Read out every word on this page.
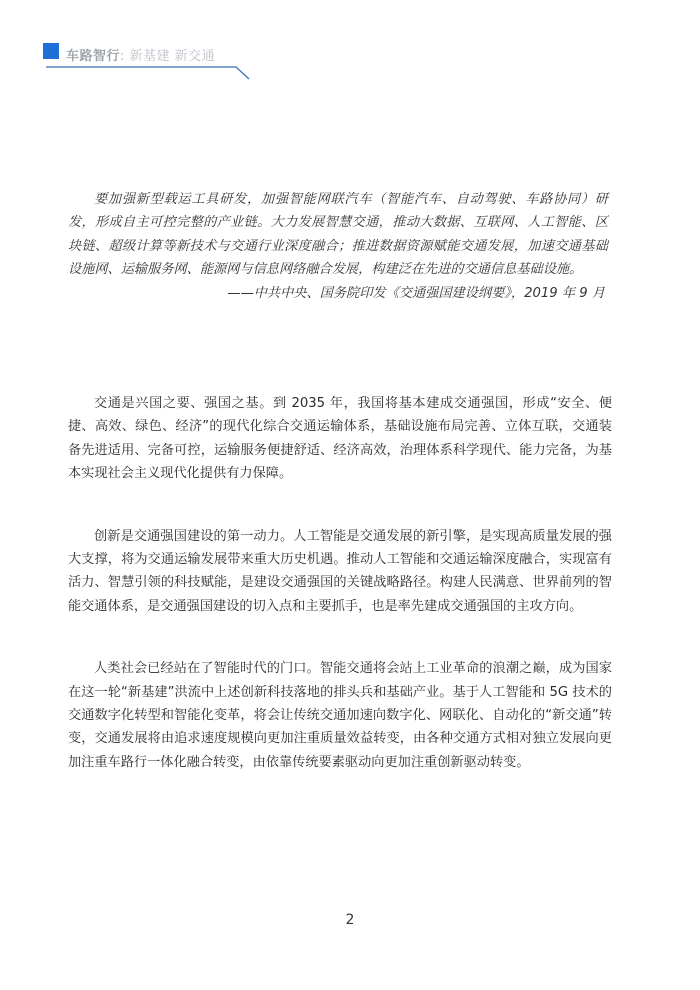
车路智行: 新基建 新交通
要加强新型载运工具研发，加强智能网联汽车（智能汽车、自动驾驶、车路协同）研发，形成自主可控完整的产业链。大力发展智慧交通，推动大数据、互联网、人工智能、区块链、超级计算等新技术与交通行业深度融合；推进数据资源赋能交通发展，加速交通基础设施网、运输服务网、能源网与信息网络融合发展，构建泛在先进的交通信息基础设施。
——中共中央、国务院印发《交通强国建设纲要》，2019 年 9 月

交通是兴国之要、强国之基。到 2035 年，我国将基本建成交通强国，形成“安全、便捷、高效、绿色、经济”的现代化综合交通运输体系，基础设施布局完善、立体互联，交通装备先进适用、完备可控，运输服务便捷舒适、经济高效，治理体系科学现代、能力完备，为基本实现社会主义现代化提供有力保障。

创新是交通强国建设的第一动力。人工智能是交通发展的新引擎，是实现高质量发展的强大支撑，将为交通运输发展带来重大历史机遇。推动人工智能和交通运输深度融合，实现富有活力、智慧引领的科技赋能，是建设交通强国的关键战略路径。构建人民满意、世界前列的智能交通体系，是交通强国建设的切入点和主要抓手，也是率先建成交通强国的主攻方向。

人类社会已经站在了智能时代的门口。智能交通将会站上工业革命的浪潮之巅，成为国家在这一轮“新基建”洪流中上述创新科技落地的排头兵和基础产业。基于人工智能和 5G 技术的交通数字化转型和智能化变革，将会让传统交通加速向数字化、网联化、自动化的“新交通”转变，交通发展将由追求速度规模向更加注重质量效益转变，由各种交通方式相对独立发展向更加注重车路行一体化融合转变，由依靠传统要素驱动向更加注重创新驱动转变。

2
